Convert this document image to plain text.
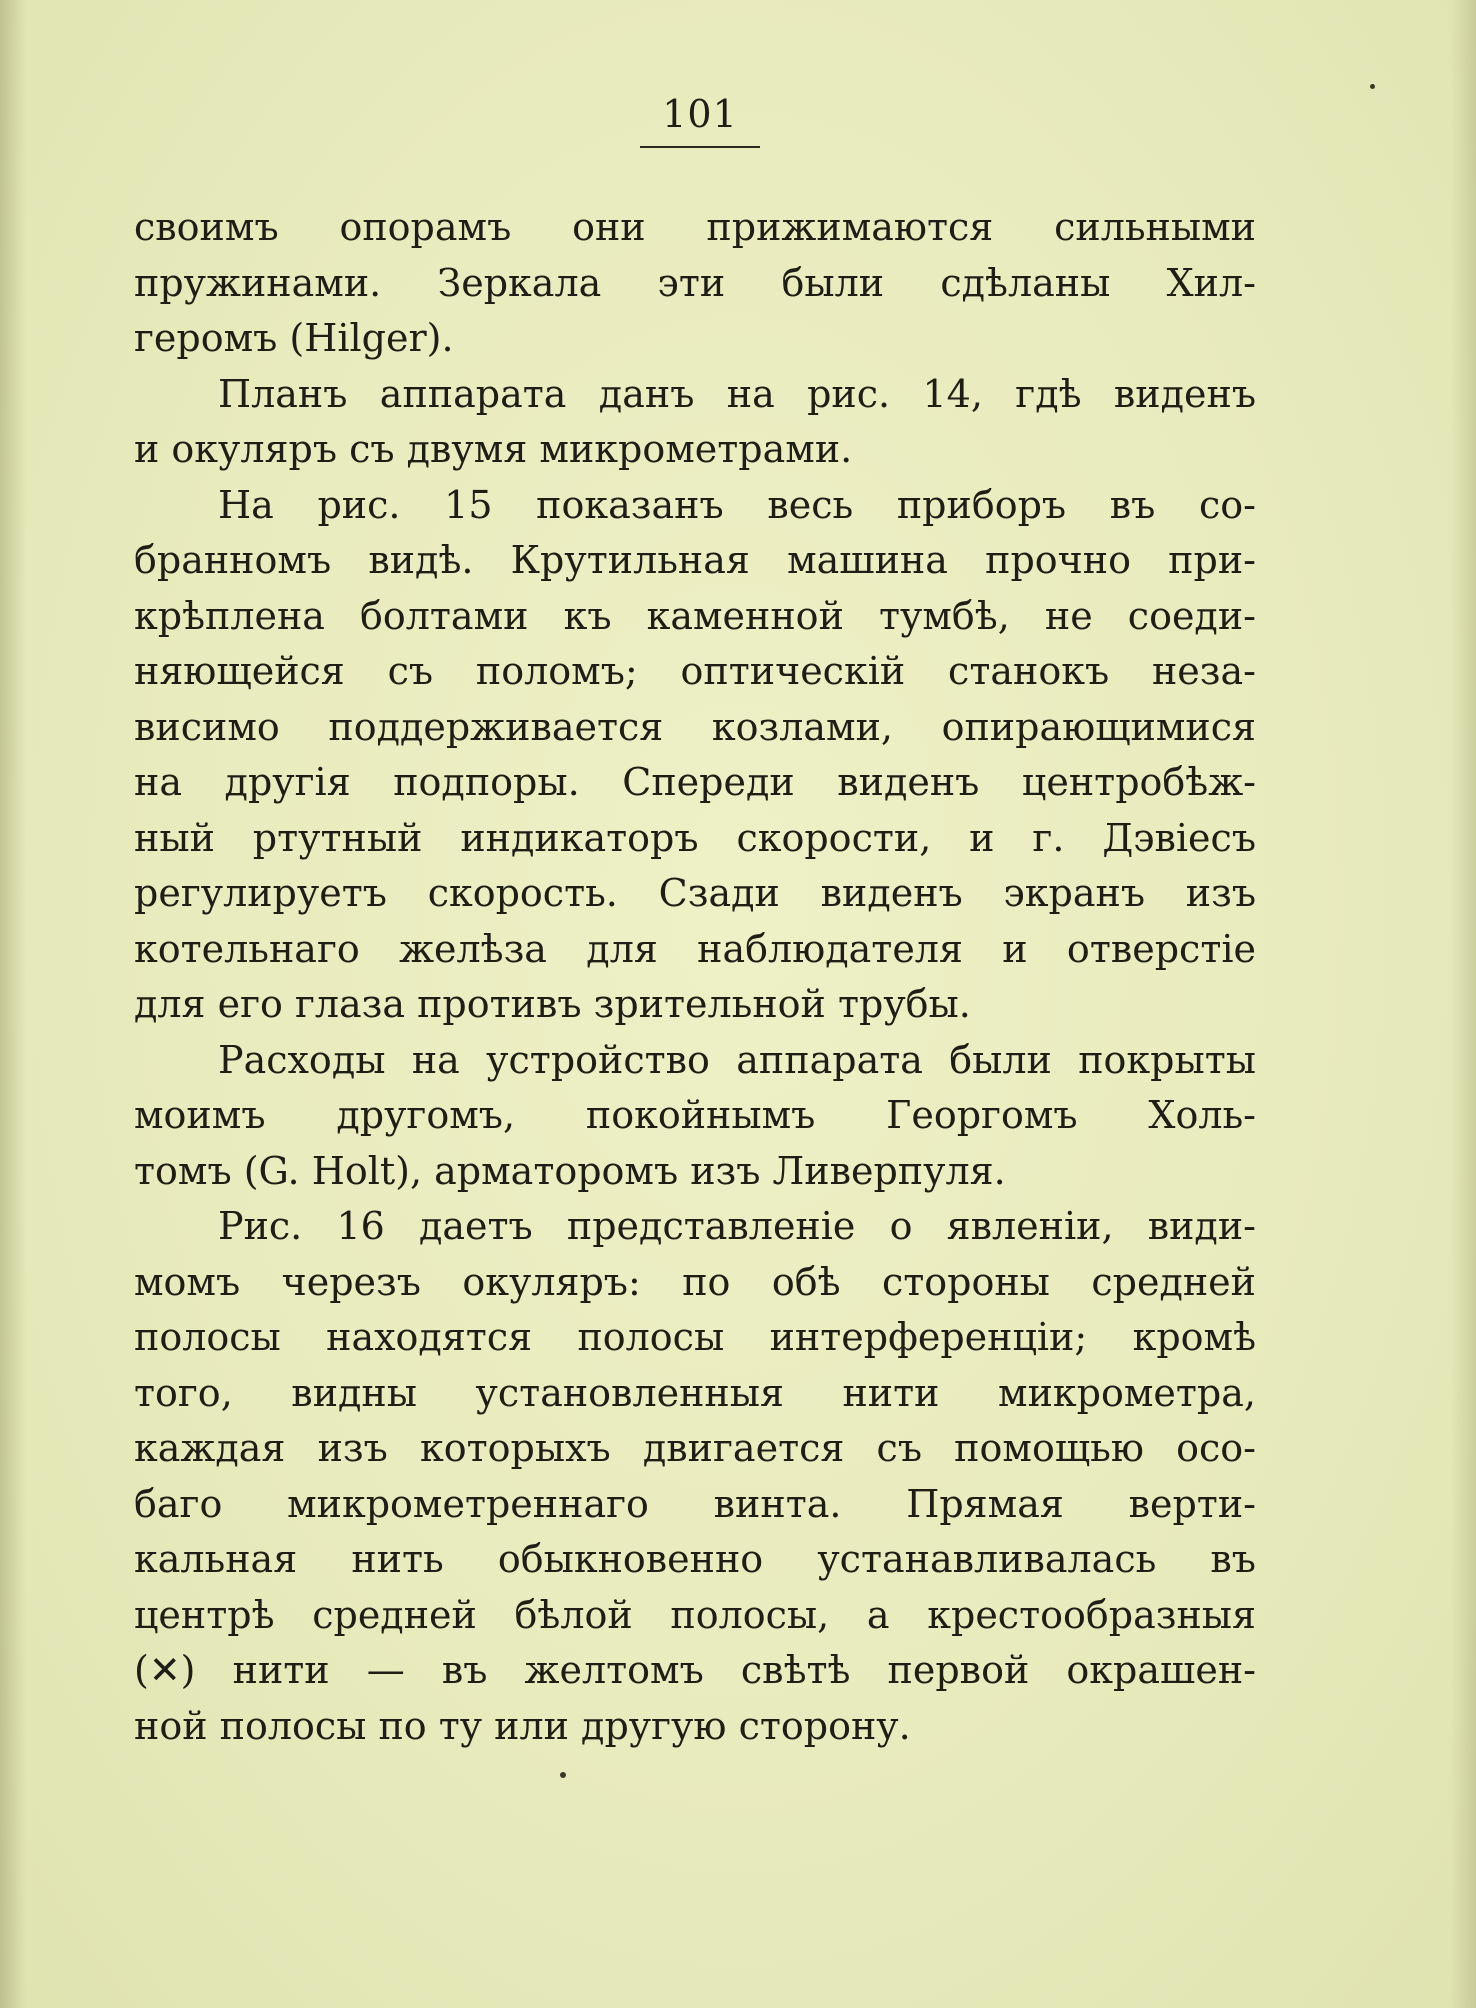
101
своимъ опорамъ они прижимаются сильными
пружинами. Зеркала эти были сдѣланы Хил-
геромъ (Hilger).
Планъ аппарата данъ на рис. 14, гдѣ виденъ
и окуляръ съ двумя микрометрами.
На рис. 15 показанъ весь приборъ въ со-
бранномъ видѣ. Крутильная машина прочно при-
крѣплена болтами къ каменной тумбѣ, не соеди-
няющейся съ поломъ; оптическій станокъ неза-
висимо поддерживается козлами, опирающимися
на другія подпоры. Спереди виденъ центробѣж-
ный ртутный индикаторъ скорости, и г. Дэвіесъ
регулируетъ скорость. Сзади виденъ экранъ изъ
котельнаго желѣза для наблюдателя и отверстіе
для его глаза противъ зрительной трубы.
Расходы на устройство аппарата были покрыты
моимъ другомъ, покойнымъ Георгомъ Холь-
томъ (G. Holt), арматоромъ изъ Ливерпуля.
Рис. 16 даетъ представленіе о явленіи, види-
момъ черезъ окуляръ: по обѣ стороны средней
полосы находятся полосы интерференціи; кромѣ
того, видны установленныя нити микрометра,
каждая изъ которыхъ двигается съ помощью осо-
баго микрометреннаго винта. Прямая верти-
кальная нить обыкновенно устанавливалась въ
центрѣ средней бѣлой полосы, а крестообразныя
(✕) нити — въ желтомъ свѣтѣ первой окрашен-
ной полосы по ту или другую сторону.
